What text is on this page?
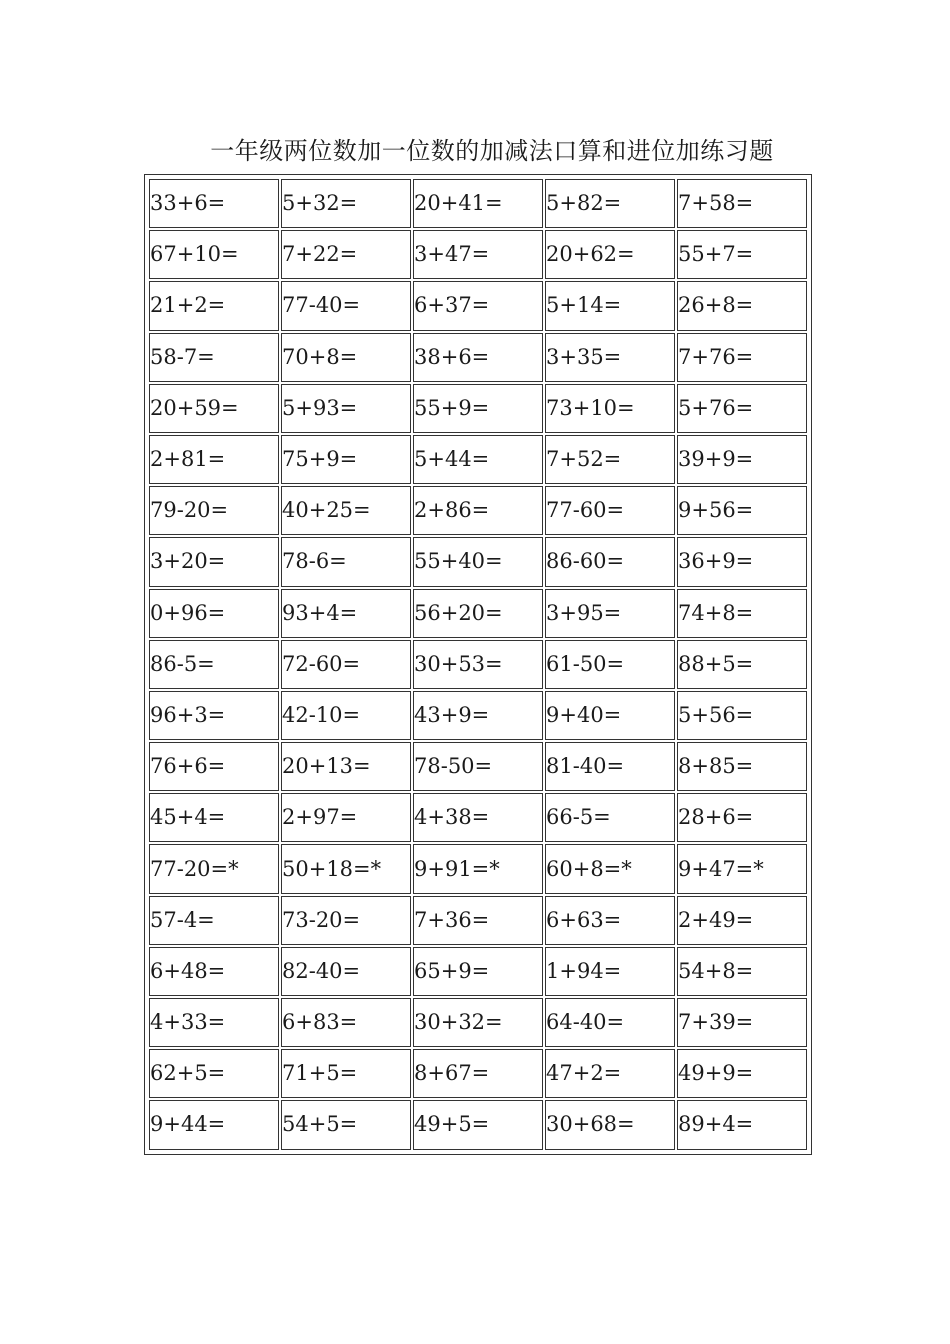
一年级两位数加一位数的加减法口算和进位加练习题
33+6=	5+32=	20+41=	5+82=	7+58=
67+10=	7+22=	3+47=	20+62=	55+7=
21+2=	77-40=	6+37=	5+14=	26+8=
58-7=	70+8=	38+6=	3+35=	7+76=
20+59=	5+93=	55+9=	73+10=	5+76=
2+81=	75+9=	5+44=	7+52=	39+9=
79-20=	40+25=	2+86=	77-60=	9+56=
3+20=	78-6=	55+40=	86-60=	36+9=
0+96=	93+4=	56+20=	3+95=	74+8=
86-5=	72-60=	30+53=	61-50=	88+5=
96+3=	42-10=	43+9=	9+40=	5+56=
76+6=	20+13=	78-50=	81-40=	8+85=
45+4=	2+97=	4+38=	66-5=	28+6=
77-20=*	50+18=*	9+91=*	60+8=*	9+47=*
57-4=	73-20=	7+36=	6+63=	2+49=
6+48=	82-40=	65+9=	1+94=	54+8=
4+33=	6+83=	30+32=	64-40=	7+39=
62+5=	71+5=	8+67=	47+2=	49+9=
9+44=	54+5=	49+5=	30+68=	89+4=
